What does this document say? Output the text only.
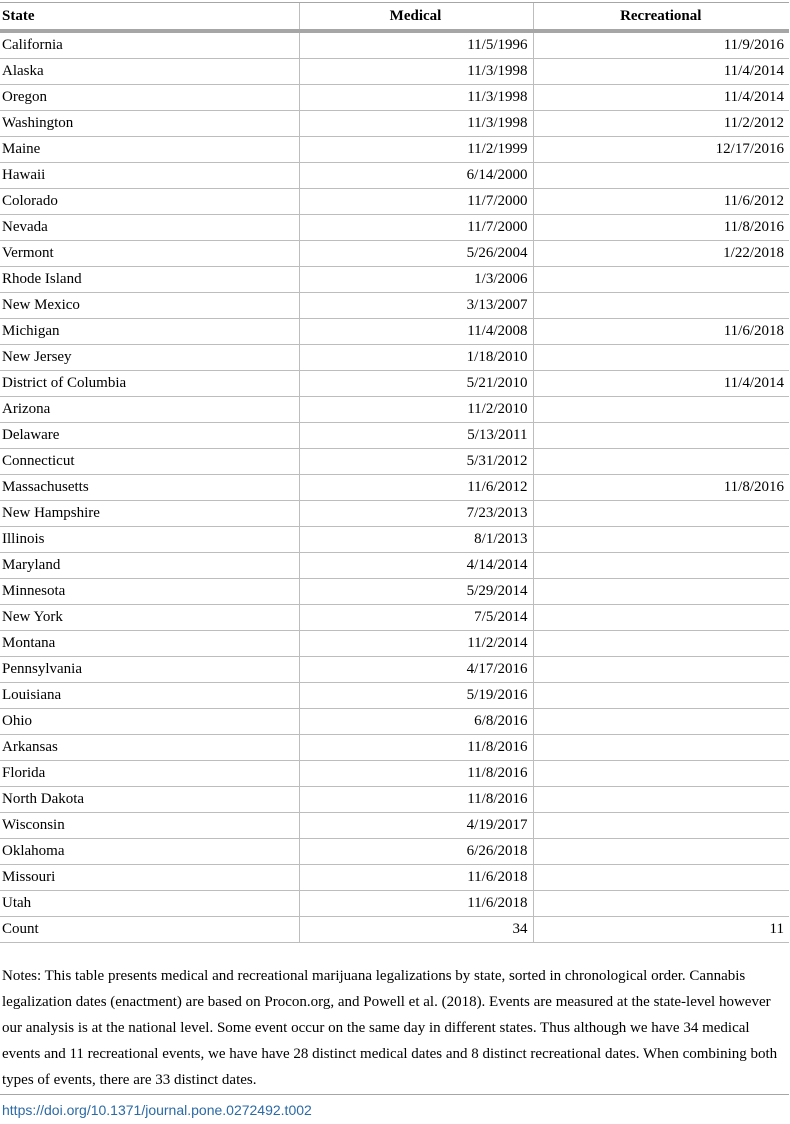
State	Medical	Recreational
California	11/5/1996	11/9/2016
Alaska	11/3/1998	11/4/2014
Oregon	11/3/1998	11/4/2014
Washington	11/3/1998	11/2/2012
Maine	11/2/1999	12/17/2016
Hawaii	6/14/2000	
Colorado	11/7/2000	11/6/2012
Nevada	11/7/2000	11/8/2016
Vermont	5/26/2004	1/22/2018
Rhode Island	1/3/2006	
New Mexico	3/13/2007	
Michigan	11/4/2008	11/6/2018
New Jersey	1/18/2010	
District of Columbia	5/21/2010	11/4/2014
Arizona	11/2/2010	
Delaware	5/13/2011	
Connecticut	5/31/2012	
Massachusetts	11/6/2012	11/8/2016
New Hampshire	7/23/2013	
Illinois	8/1/2013	
Maryland	4/14/2014	
Minnesota	5/29/2014	
New York	7/5/2014	
Montana	11/2/2014	
Pennsylvania	4/17/2016	
Louisiana	5/19/2016	
Ohio	6/8/2016	
Arkansas	11/8/2016	
Florida	11/8/2016	
North Dakota	11/8/2016	
Wisconsin	4/19/2017	
Oklahoma	6/26/2018	
Missouri	11/6/2018	
Utah	11/6/2018	
Count	34	11
Notes: This table presents medical and recreational marijuana legalizations by state, sorted in chronological order. Cannabis legalization dates (enactment) are based on Procon.org, and Powell et al. (2018). Events are measured at the state-level however our analysis is at the national level. Some event occur on the same day in different states. Thus although we have 34 medical events and 11 recreational events, we have have 28 distinct medical dates and 8 distinct recreational dates. When combining both types of events, there are 33 distinct dates.
https://doi.org/10.1371/journal.pone.0272492.t002
